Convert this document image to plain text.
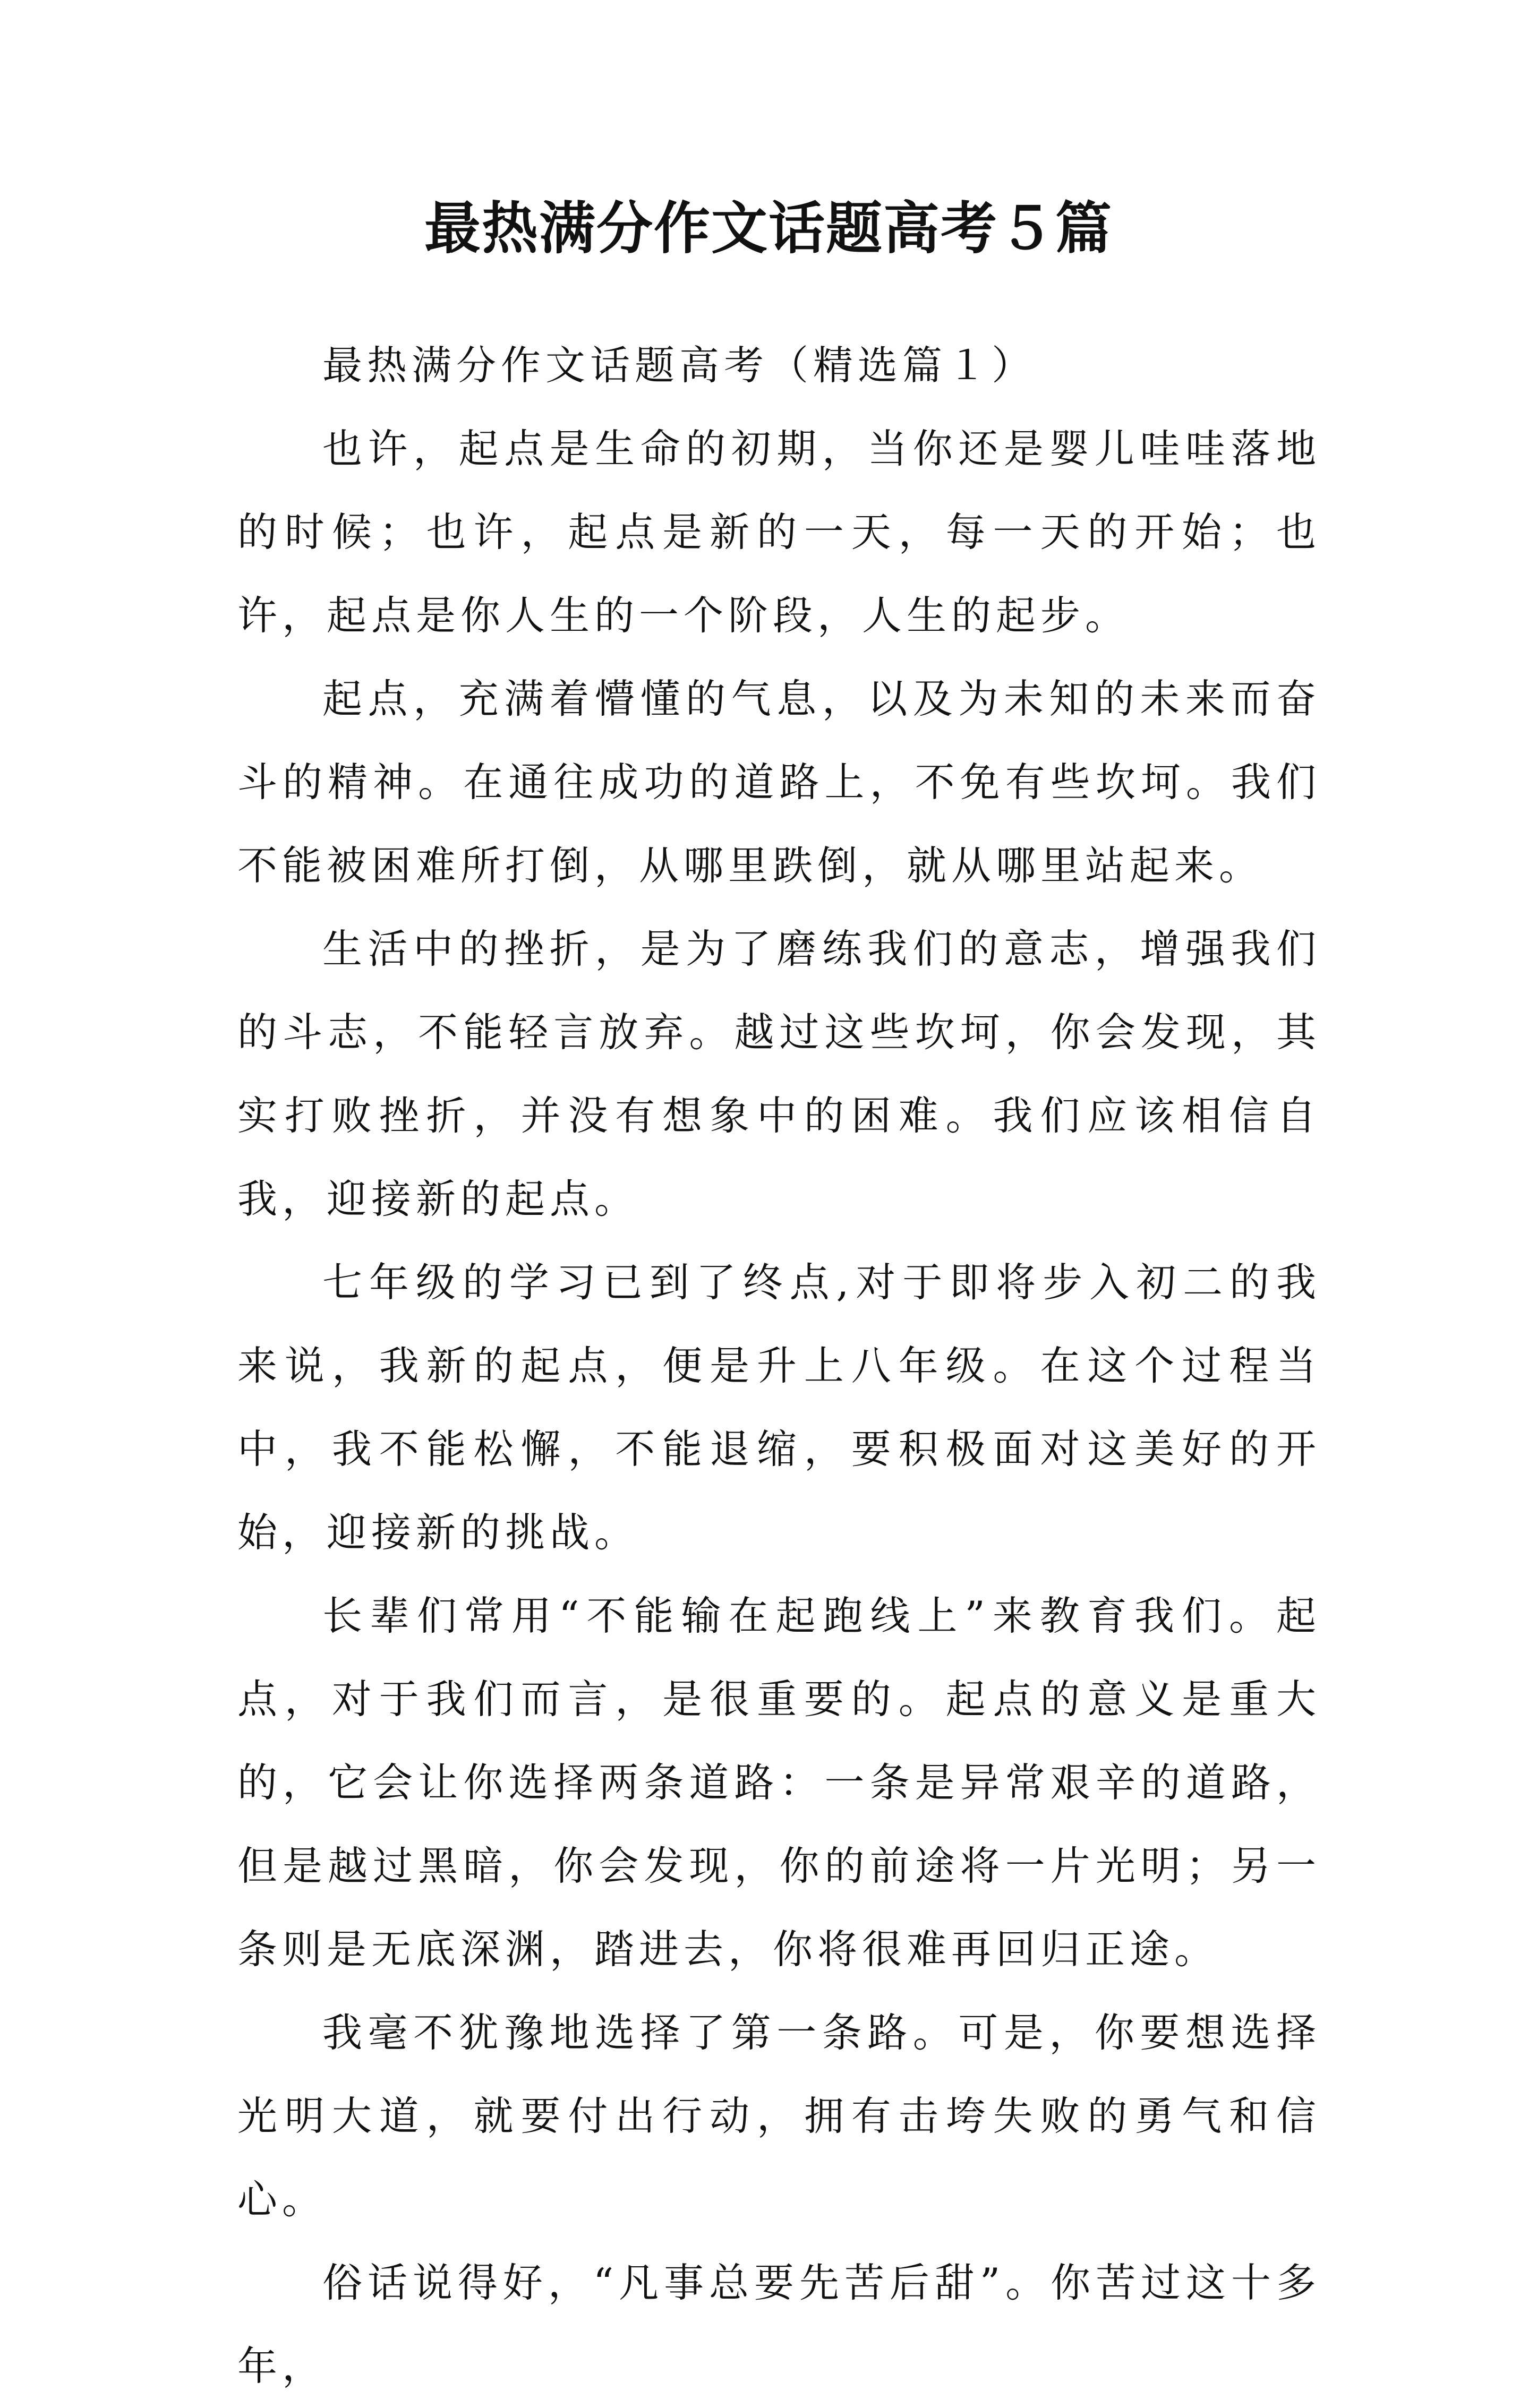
最热满分作文话题高考５篇

最热满分作文话题高考（精选篇１）

也许，起点是生命的初期，当你还是婴儿哇哇落地的时候；也许，起点是新的一天，每一天的开始；也许，起点是你人生的一个阶段，人生的起步。

起点，充满着懵懂的气息，以及为未知的未来而奋斗的精神。在通往成功的道路上，不免有些坎坷。我们不能被困难所打倒，从哪里跌倒，就从哪里站起来。

生活中的挫折，是为了磨练我们的意志，增强我们的斗志，不能轻言放弃。越过这些坎坷，你会发现，其实打败挫折，并没有想象中的困难。我们应该相信自我，迎接新的起点。

七年级的学习已到了终点,对于即将步入初二的我来说，我新的起点，便是升上八年级。在这个过程当中，我不能松懈，不能退缩，要积极面对这美好的开始，迎接新的挑战。

长辈们常用“不能输在起跑线上”来教育我们。起点，对于我们而言，是很重要的。起点的意义是重大的，它会让你选择两条道路：一条是异常艰辛的道路，但是越过黑暗，你会发现，你的前途将一片光明；另一条则是无底深渊，踏进去，你将很难再回归正途。

我毫不犹豫地选择了第一条路。可是，你要想选择光明大道，就要付出行动，拥有击垮失败的勇气和信心。

俗话说得好，“凡事总要先苦后甜”。你苦过这十多年，
